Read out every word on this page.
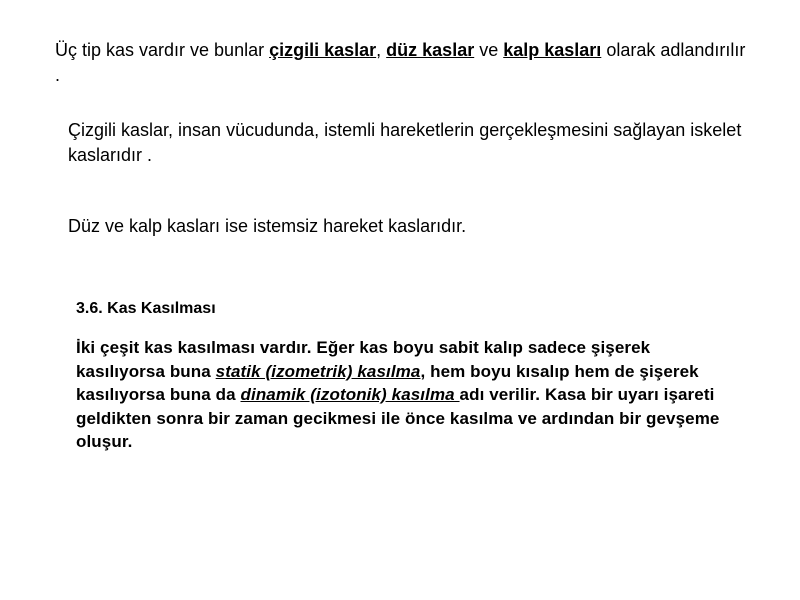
Üç tip kas vardır ve bunlar çizgili kaslar, düz kaslar ve kalp kasları olarak adlandırılır .

Çizgili kaslar, insan vücudunda, istemli hareketlerin gerçekleşmesini sağlayan iskelet kaslarıdır .

Düz ve kalp kasları ise istemsiz hareket kaslarıdır.

3.6. Kas Kasılması

İki çeşit kas kasılması vardır. Eğer kas boyu sabit kalıp sadece şişerek kasılıyorsa buna statik (izometrik) kasılma, hem boyu kısalıp hem de şişerek kasılıyorsa buna da dinamik (izotonik) kasılma adı verilir. Kasa bir uyarı işareti geldikten sonra bir zaman gecikmesi ile önce kasılma ve ardından bir gevşeme oluşur.
